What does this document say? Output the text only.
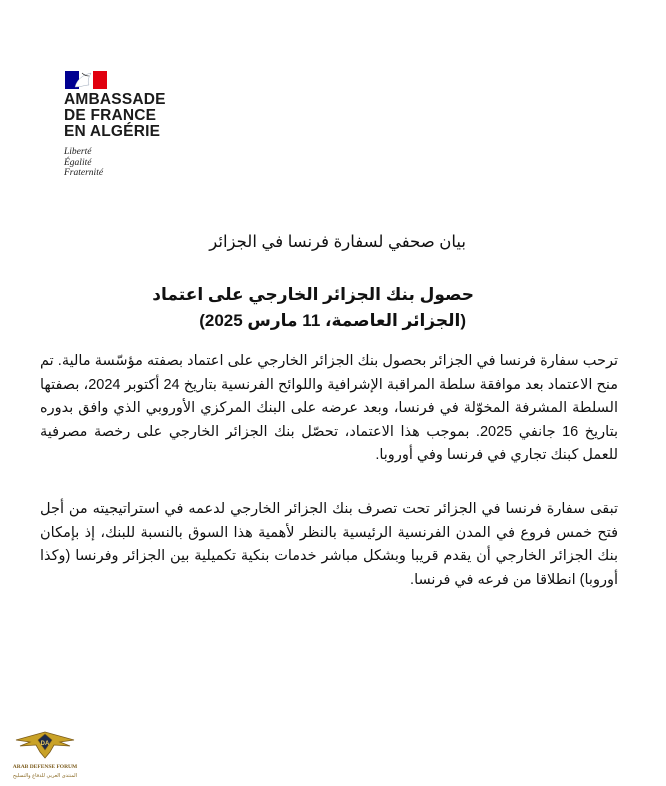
AMBASSADE
DE FRANCE
EN ALGÉRIE
Liberté
Égalité
Fraternité
بيان صحفي لسفارة فرنسا في الجزائر
حصول بنك الجزائر الخارجي على اعتماد
(الجزائر العاصمة، 11 مارس 2025)
ترحب سفارة فرنسا في الجزائر بحصول بنك الجزائر الخارجي على اعتماد بصفته مؤسّسة مالية. تم منح الاعتماد بعد موافقة سلطة المراقبة الإشرافية واللوائح الفرنسية بتاريخ 24 أكتوبر 2024، بصفتها السلطة المشرفة المخوّلة في فرنسا، وبعد عرضه على البنك المركزي الأوروبي الذي وافق بدوره بتاريخ 16 جانفي 2025. بموجب هذا الاعتماد، تحصّل بنك الجزائر الخارجي على رخصة مصرفية للعمل كبنك تجاري في فرنسا وفي أوروبا.
تبقى سفارة فرنسا في الجزائر تحت تصرف بنك الجزائر الخارجي لدعمه في استراتيجيته من أجل فتح خمس فروع في المدن الفرنسية الرئيسية بالنظر لأهمية هذا السوق بالنسبة للبنك، إذ بإمكان بنك الجزائر الخارجي أن يقدم قريبا وبشكل مباشر خدمات بنكية تكميلية بين الجزائر وفرنسا (وكذا أوروبا) انطلاقا من فرعه في فرنسا.
DA
ARAB DEFENSE FORUM
المنتدى العربي للدفاع والتسليح
